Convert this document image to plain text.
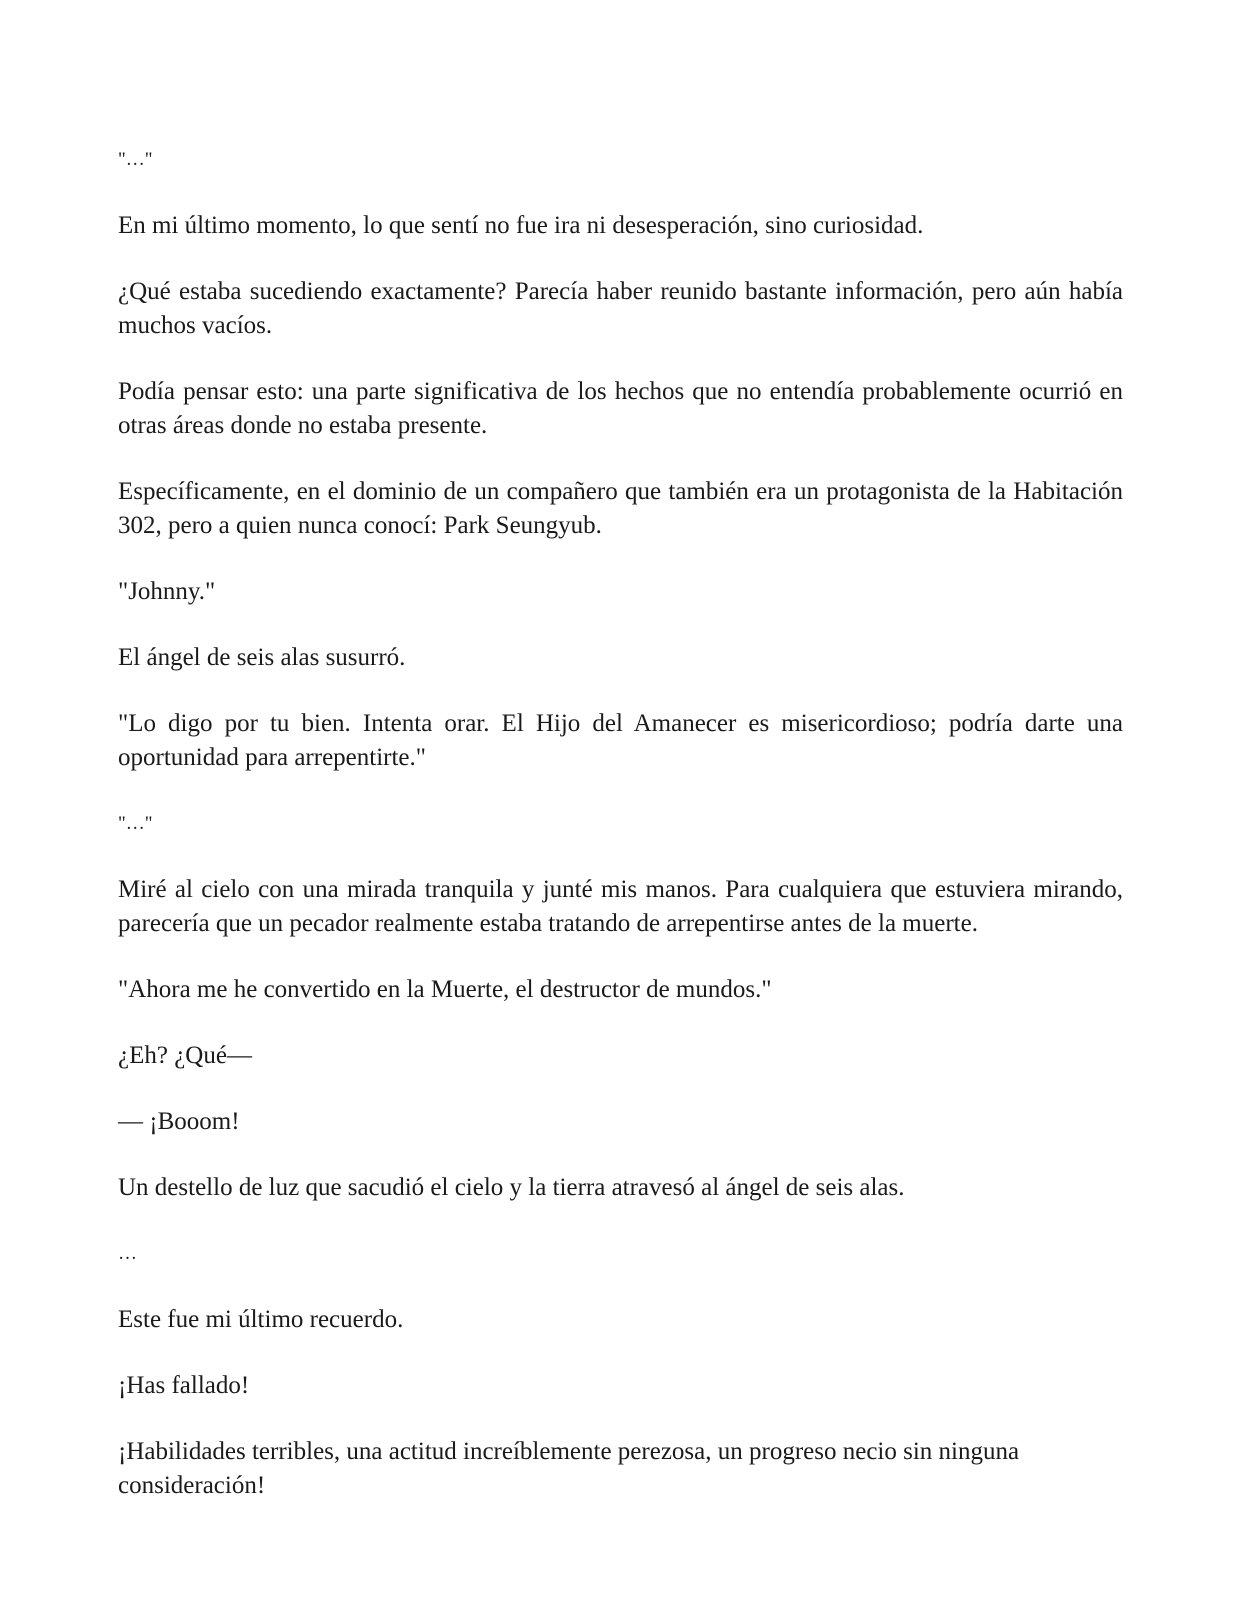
"…"

En mi último momento, lo que sentí no fue ira ni desesperación, sino curiosidad.

¿Qué estaba sucediendo exactamente? Parecía haber reunido bastante información, pero aún había muchos vacíos.

Podía pensar esto: una parte significativa de los hechos que no entendía probablemente ocurrió en otras áreas donde no estaba presente.

Específicamente, en el dominio de un compañero que también era un protagonista de la Habitación 302, pero a quien nunca conocí: Park Seungyub.

"Johnny."

El ángel de seis alas susurró.

"Lo digo por tu bien. Intenta orar. El Hijo del Amanecer es misericordioso; podría darte una oportunidad para arrepentirte."

"…"

Miré al cielo con una mirada tranquila y junté mis manos. Para cualquiera que estuviera mirando, parecería que un pecador realmente estaba tratando de arrepentirse antes de la muerte.

"Ahora me he convertido en la Muerte, el destructor de mundos."

¿Eh? ¿Qué—

— ¡Booom!

Un destello de luz que sacudió el cielo y la tierra atravesó al ángel de seis alas.

…

Este fue mi último recuerdo.

¡Has fallado!

¡Habilidades terribles, una actitud increíblemente perezosa, un progreso necio sin ninguna consideración!
